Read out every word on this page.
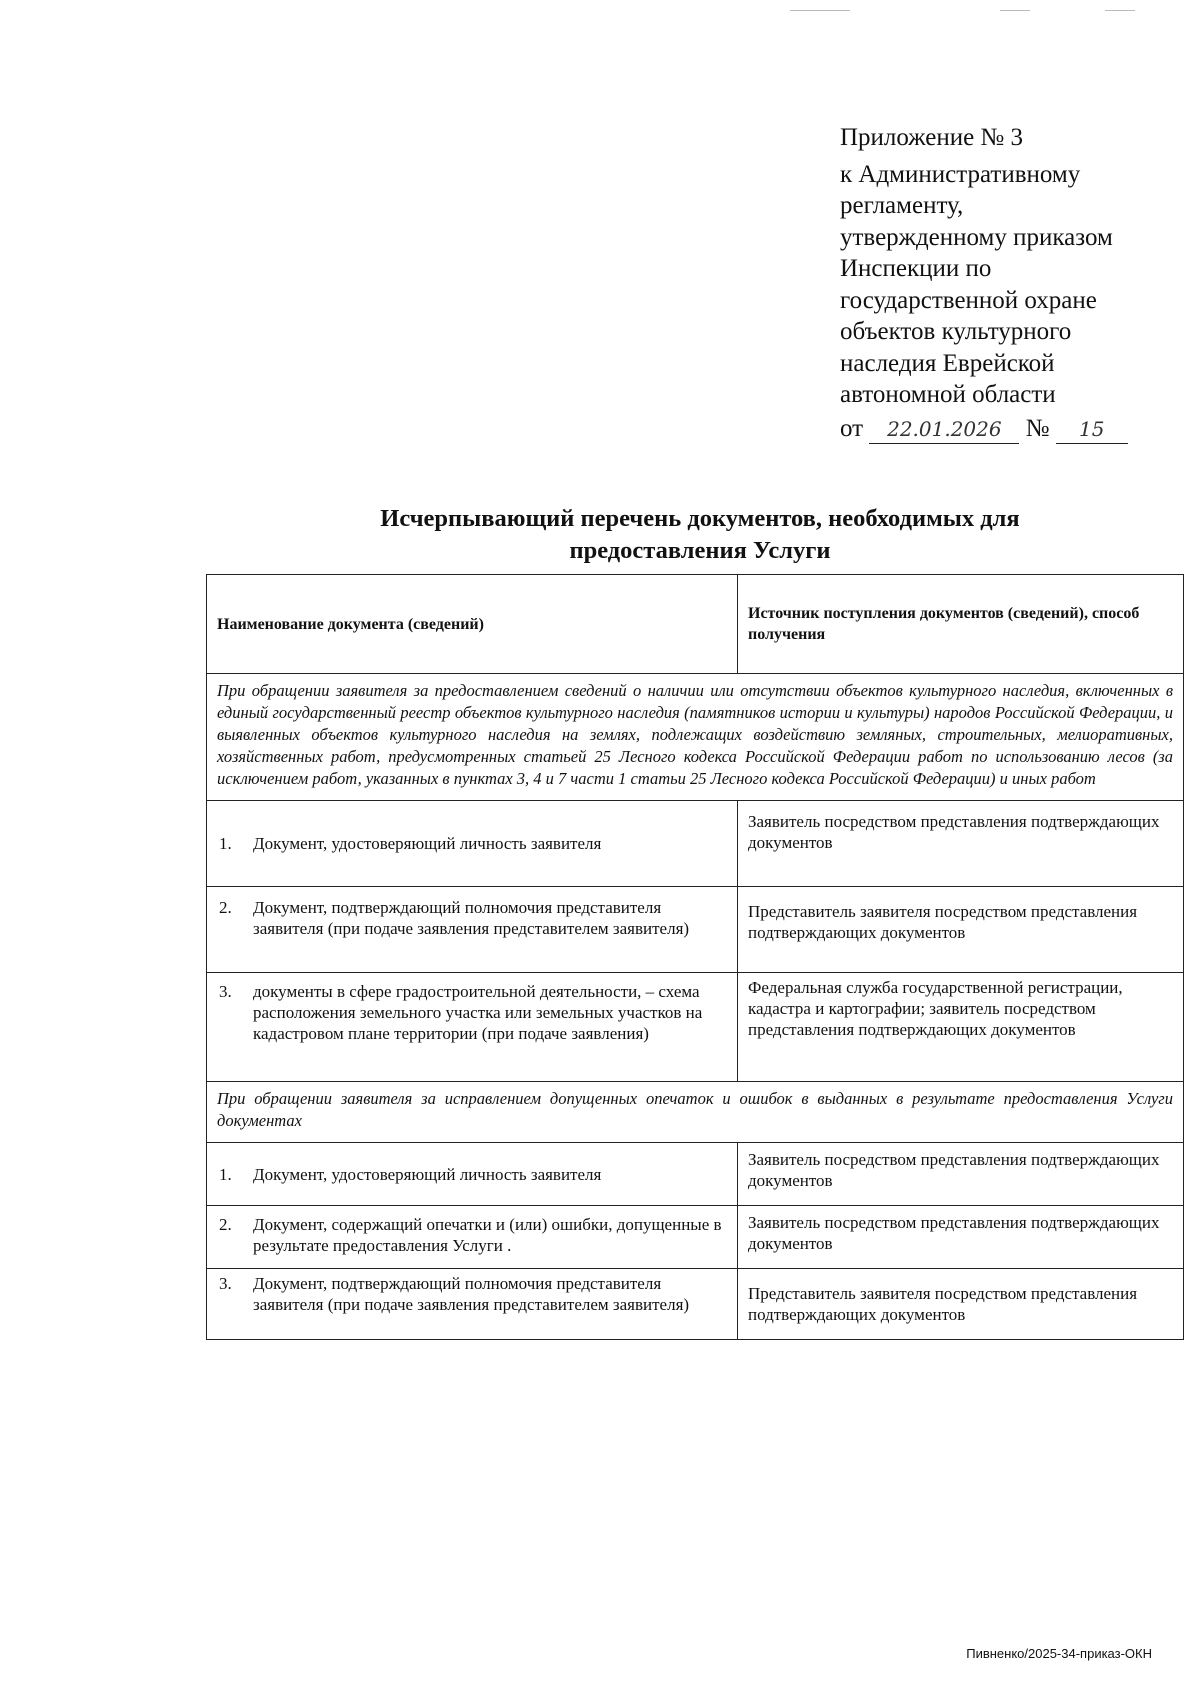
Приложение № 3
к Административному
регламенту,
утвержденному приказом
Инспекции по
государственной охране
объектов культурного
наследия Еврейской
автономной области
от 22.01.2026 № 15
Исчерпывающий перечень документов, необходимых для
предоставления Услуги
Наименование документа (сведений)	Источник поступления документов (сведений), способ получения

При обращении заявителя за предоставлением сведений о наличии или отсутствии объектов культурного наследия, включенных в единый государственный реестр объектов культурного наследия (памятников истории и культуры) народов Российской Федерации, и выявленных объектов культурного наследия на землях, подлежащих воздействию земляных, строительных, мелиоративных, хозяйственных работ, предусмотренных статьей 25 Лесного кодекса Российской Федерации работ по использованию лесов (за исключением работ, указанных в пунктах 3, 4 и 7 части 1 статьи 25 Лесного кодекса Российской Федерации) и иных работ	

1. Документ, удостоверяющий личность заявителя	Заявитель посредством представления подтверждающих документов

2. Документ, подтверждающий полномочия представителя заявителя (при подаче заявления представителем заявителя)	Представитель заявителя посредством представления подтверждающих документов

3. документы в сфере градостроительной деятельности, – схема расположения земельного участка или земельных участков на кадастровом плане территории (при подаче заявления)	Федеральная служба государственной регистрации, кадастра и картографии; заявитель посредством представления подтверждающих документов

При обращении заявителя за исправлением допущенных опечаток и ошибок в выданных в результате предоставления Услуги документах	

1. Документ, удостоверяющий личность заявителя	Заявитель посредством представления подтверждающих документов

2. Документ, содержащий опечатки и (или) ошибки, допущенные в результате предоставления Услуги .	Заявитель посредством представления подтверждающих документов

3. Документ, подтверждающий полномочия представителя заявителя (при подаче заявления представителем заявителя)	Представитель заявителя посредством представления подтверждающих документов
Пивненко/2025-34-приказ-ОКН
